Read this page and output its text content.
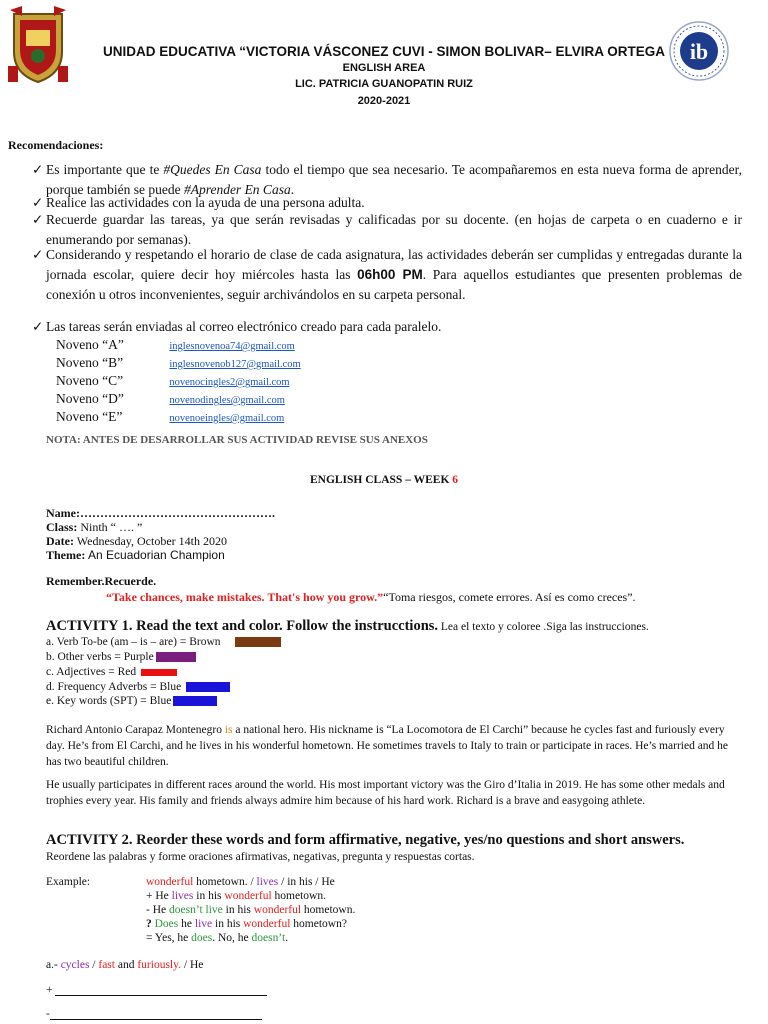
UNIDAD EDUCATIVA “VICTORIA VÁSCONEZ CUVI - SIMON BOLIVAR– ELVIRA ORTEGA
ENGLISH AREA
LIC. PATRICIA GUANOPATIN RUIZ
2020-2021
ib
Recomendaciones:
✓ Es importante que te #Quedes En Casa todo el tiempo que sea necesario. Te acompañaremos en esta nueva forma de aprender, porque también se puede #Aprender En Casa.
✓ Realice las actividades con la ayuda de una persona adulta.
✓ Recuerde guardar las tareas, ya que serán revisadas y calificadas por su docente. (en hojas de carpeta o en cuaderno e ir enumerando por semanas).
✓ Considerando y respetando el horario de clase de cada asignatura, las actividades deberán ser cumplidas y entregadas durante la jornada escolar, quiere decir hoy miércoles hasta las 06h00 PM. Para aquellos estudiantes que presenten problemas de conexión u otros inconvenientes, seguir archivándolos en su carpeta personal.
✓ Las tareas serán enviadas al correo electrónico creado para cada paralelo.
Noveno “A”	inglesnovenoa74@gmail.com
Noveno “B”	inglesnovenob127@gmail.com
Noveno “C”	novenocingles2@gmail.com
Noveno “D”	novenodingles@gmail.com
Noveno “E”	novenoeingles@gmail.com
NOTA: ANTES DE DESARROLLAR SUS ACTIVIDAD REVISE SUS ANEXOS
ENGLISH CLASS – WEEK 6
Name:………………………………………….
Class: Ninth “ …. ”
Date: Wednesday, October 14th 2020
Theme: An Ecuadorian Champion
Remember.Recuerde.
“Take chances, make mistakes. That's how you grow.”“Toma riesgos, comete errores. Así es como creces”.
ACTIVITY 1. Read the text and color. Follow the instrucctions. Lea el texto y coloree .Siga las instrucciones.
a. Verb To-be (am – is – are) = Brown
b. Other verbs = Purple
c. Adjectives = Red
d. Frequency Adverbs = Blue
e. Key words (SPT) = Blue
Richard Antonio Carapaz Montenegro is a national hero. His nickname is “La Locomotora de El Carchi” because he cycles fast and furiously every day. He’s from El Carchi, and he lives in his wonderful hometown. He sometimes travels to Italy to train or participate in races. He’s married and he has two beautiful children.
He usually participates in different races around the world. His most important victory was the Giro d’Italia in 2019. He has some other medals and trophies every year. His family and friends always admire him because of his hard work. Richard is a brave and easygoing athlete.
ACTIVITY 2. Reorder these words and form affirmative, negative, yes/no questions and short answers.
Reordene las palabras y forme oraciones afirmativas, negativas, pregunta y respuestas cortas.
Example:	wonderful hometown. / lives / in his / He
+ He lives in his wonderful hometown.
- He doesn’t live in his wonderful hometown.
? Does he live in his wonderful hometown?
= Yes, he does. No, he doesn’t.
a.- cycles / fast and furiously. / He
+
-
